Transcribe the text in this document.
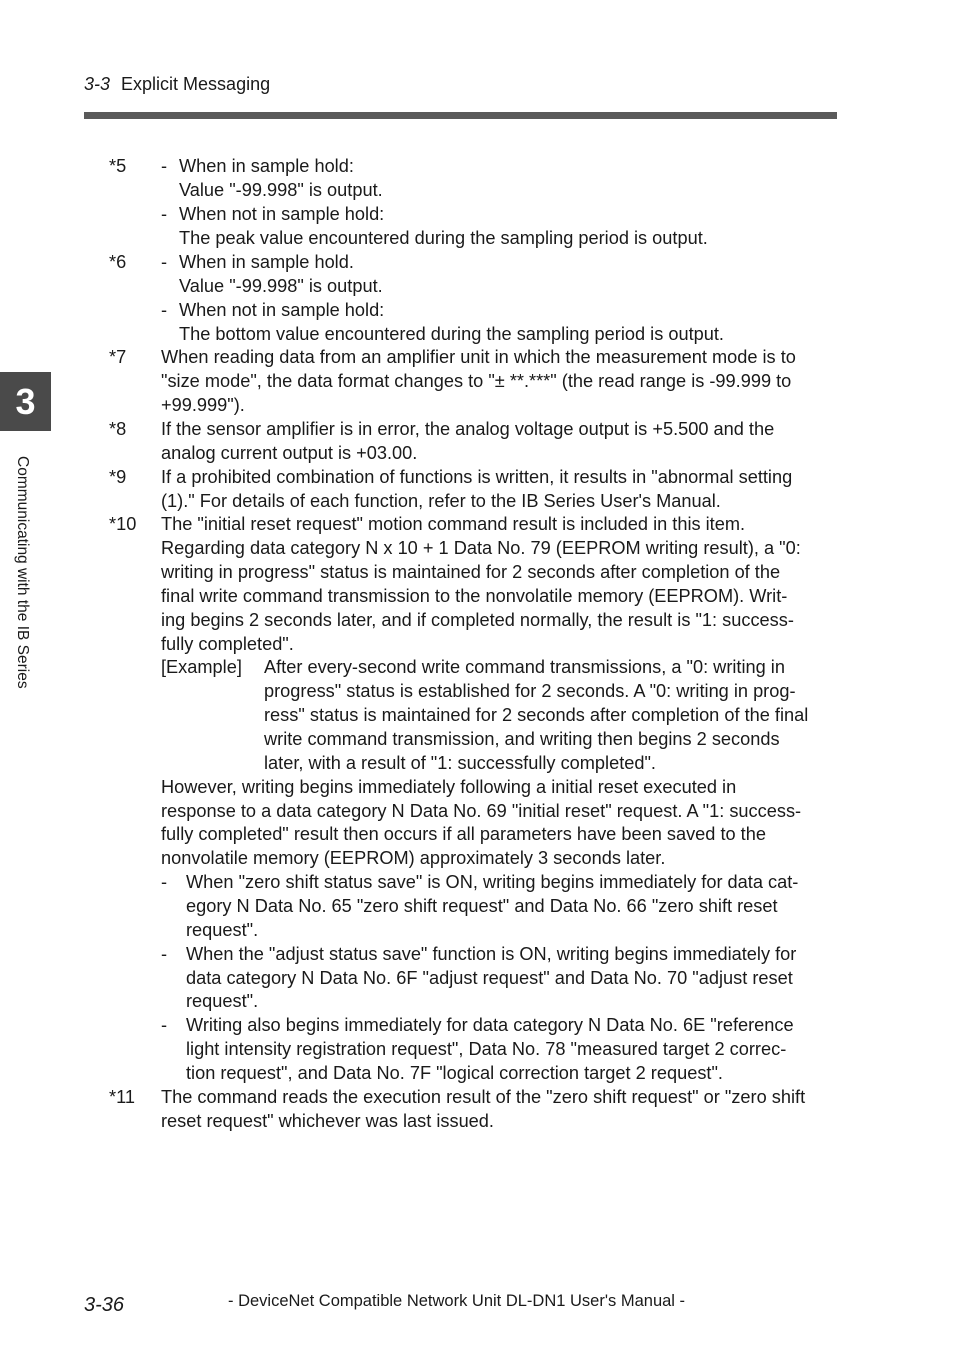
3-3 Explicit Messaging
3
Communicating with the IB Series
*5 - When in sample hold:
Value "-99.998" is output.
- When not in sample hold:
The peak value encountered during the sampling period is output.
*6 - When in sample hold.
Value "-99.998" is output.
- When not in sample hold:
The bottom value encountered during the sampling period is output.
*7 When reading data from an amplifier unit in which the measurement mode is to
"size mode", the data format changes to "± **.***" (the read range is -99.999 to
+99.999").
*8 If the sensor amplifier is in error, the analog voltage output is +5.500 and the
analog current output is +03.00.
*9 If a prohibited combination of functions is written, it results in "abnormal setting
(1)." For details of each function, refer to the IB Series User's Manual.
*10 The "initial reset request" motion command result is included in this item.
Regarding data category N x 10 + 1 Data No. 79 (EEPROM writing result), a "0:
writing in progress" status is maintained for 2 seconds after completion of the
final write command transmission to the nonvolatile memory (EEPROM). Writ-
ing begins 2 seconds later, and if completed normally, the result is "1: success-
fully completed".
[Example] After every-second write command transmissions, a "0: writing in
progress" status is established for 2 seconds. A "0: writing in prog-
ress" status is maintained for 2 seconds after completion of the final
write command transmission, and writing then begins 2 seconds
later, with a result of "1: successfully completed".
However, writing begins immediately following a initial reset executed in
response to a data category N Data No. 69 "initial reset" request. A "1: success-
fully completed" result then occurs if all parameters have been saved to the
nonvolatile memory (EEPROM) approximately 3 seconds later.
- When "zero shift status save" is ON, writing begins immediately for data cat-
egory N Data No. 65 "zero shift request" and Data No. 66 "zero shift reset
request".
- When the "adjust status save" function is ON, writing begins immediately for
data category N Data No. 6F "adjust request" and Data No. 70 "adjust reset
request".
- Writing also begins immediately for data category N Data No. 6E "reference
light intensity registration request", Data No. 78 "measured target 2 correc-
tion request", and Data No. 7F "logical correction target 2 request".
*11 The command reads the execution result of the "zero shift request" or "zero shift
reset request" whichever was last issued.
3-36	- DeviceNet Compatible Network Unit DL-DN1 User's Manual -
